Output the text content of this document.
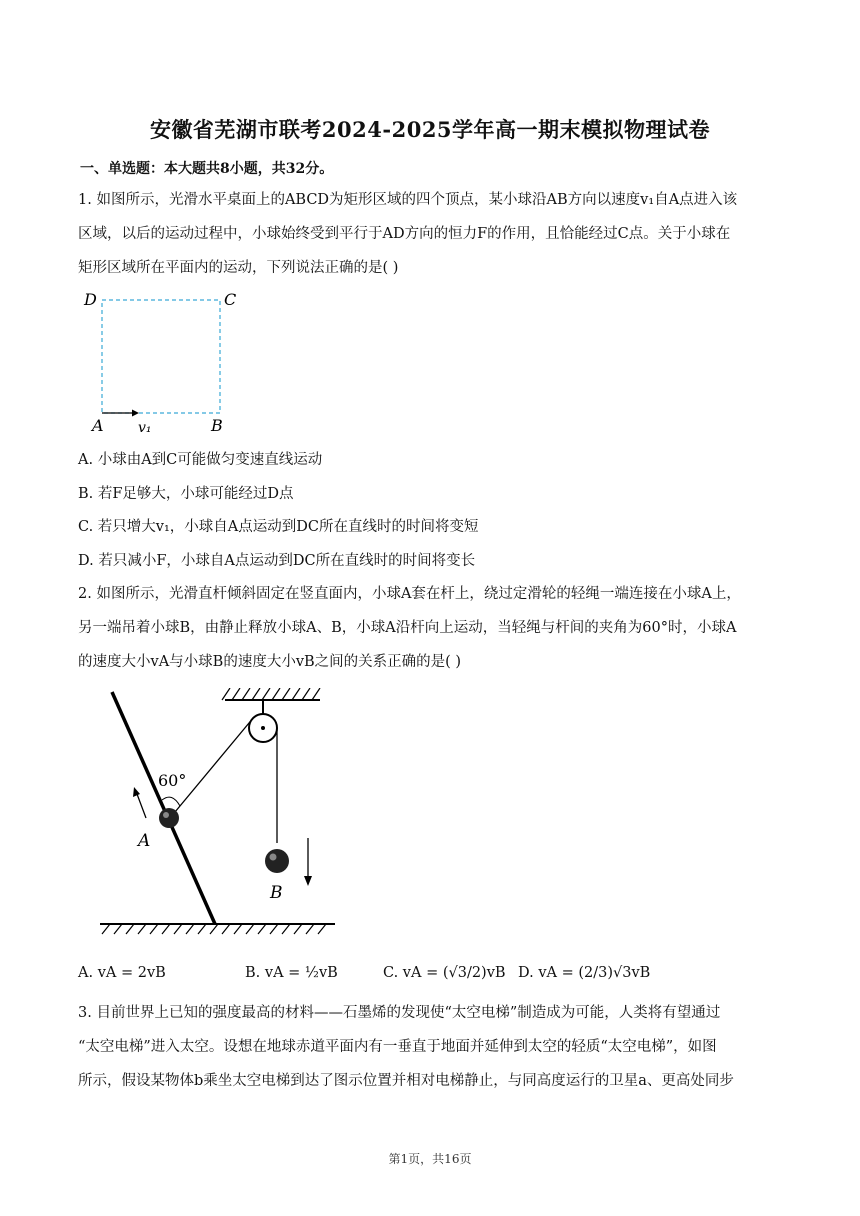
安徽省芜湖市联考2024-2025学年高一期末模拟物理试卷
一、单选题：本大题共8小题，共32分。
1. 如图所示，光滑水平桌面上的ABCD为矩形区域的四个顶点，某小球沿AB方向以速度v₁自A点进入该
区域，以后的运动过程中，小球始终受到平行于AD方向的恒力F的作用，且恰能经过C点。关于小球在
矩形区域所在平面内的运动，下列说法正确的是( )
D	C
A	B
v₁
A. 小球由A到C可能做匀变速直线运动
B. 若F足够大，小球可能经过D点
C. 若只增大v₁，小球自A点运动到DC所在直线时的时间将变短
D. 若只减小F，小球自A点运动到DC所在直线时的时间将变长
2. 如图所示，光滑直杆倾斜固定在竖直面内，小球A套在杆上，绕过定滑轮的轻绳一端连接在小球A上，
另一端吊着小球B，由静止释放小球A、B，小球A沿杆向上运动，当轻绳与杆间的夹角为60°时，小球A
的速度大小vA与小球B的速度大小vB之间的关系正确的是( )
60°
A
B
A. vA = 2vB	B. vA = ½vB	C. vA = (√3/2)vB D. vA = (2/3)√3vB
3. 目前世界上已知的强度最高的材料——石墨烯的发现使“太空电梯”制造成为可能，人类将有望通过
“太空电梯”进入太空。设想在地球赤道平面内有一垂直于地面并延伸到太空的轻质“太空电梯”，如图
所示，假设某物体b乘坐太空电梯到达了图示位置并相对电梯静止，与同高度运行的卫星a、更高处同步
第1页，共16页
